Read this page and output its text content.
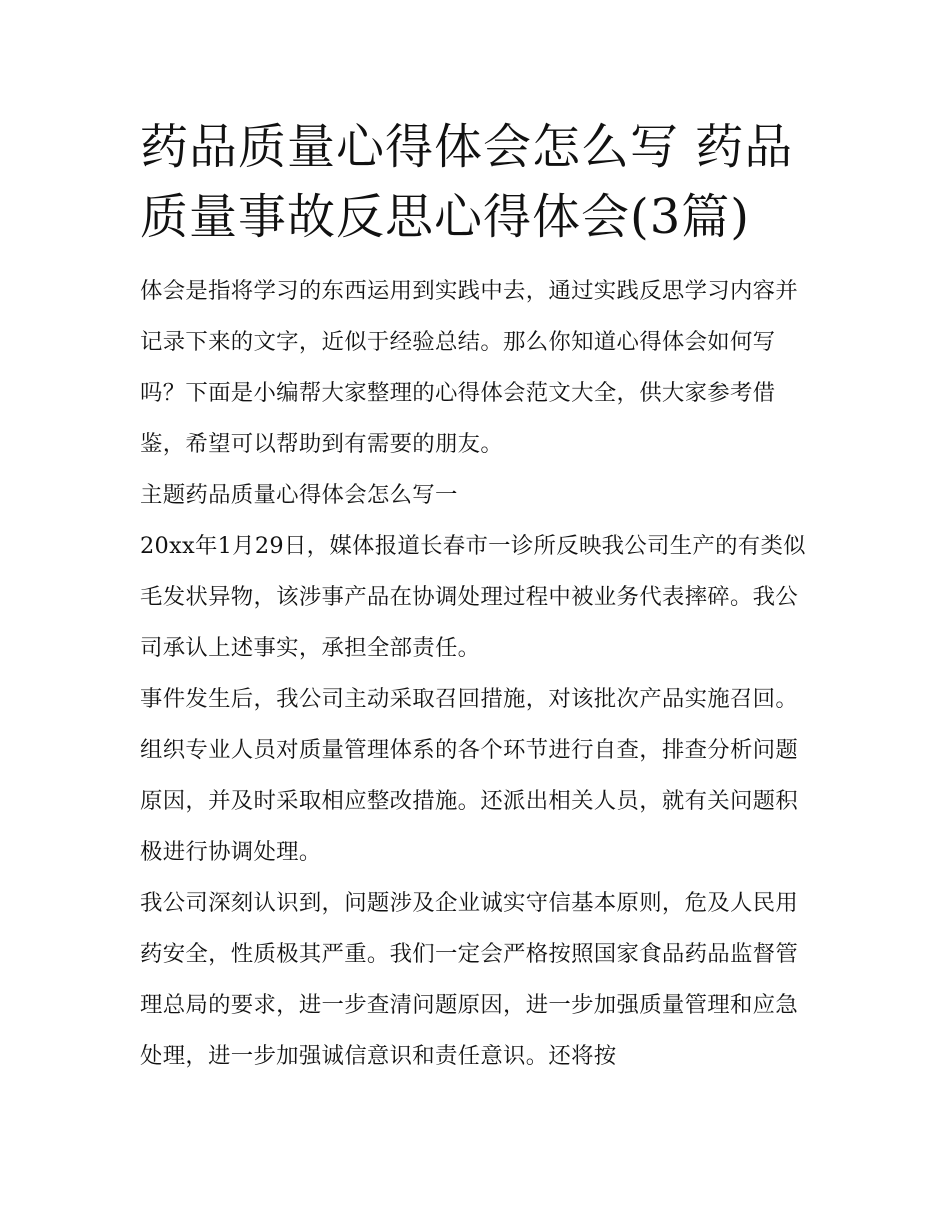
药品质量心得体会怎么写 药品质量事故反思心得体会(3篇)

体会是指将学习的东西运用到实践中去，通过实践反思学习内容并记录下来的文字，近似于经验总结。那么你知道心得体会如何写吗？下面是小编帮大家整理的心得体会范文大全，供大家参考借鉴，希望可以帮助到有需要的朋友。

主题药品质量心得体会怎么写一

20xx年1月29日，媒体报道长春市一诊所反映我公司生产的有类似毛发状异物，该涉事产品在协调处理过程中被业务代表摔碎。我公司承认上述事实，承担全部责任。

事件发生后，我公司主动采取召回措施，对该批次产品实施召回。组织专业人员对质量管理体系的各个环节进行自查，排查分析问题原因，并及时采取相应整改措施。还派出相关人员，就有关问题积极进行协调处理。

我公司深刻认识到，问题涉及企业诚实守信基本原则，危及人民用药安全，性质极其严重。我们一定会严格按照国家食品药品监督管理总局的要求，进一步查清问题原因，进一步加强质量管理和应急处理，进一步加强诚信意识和责任意识。还将按
